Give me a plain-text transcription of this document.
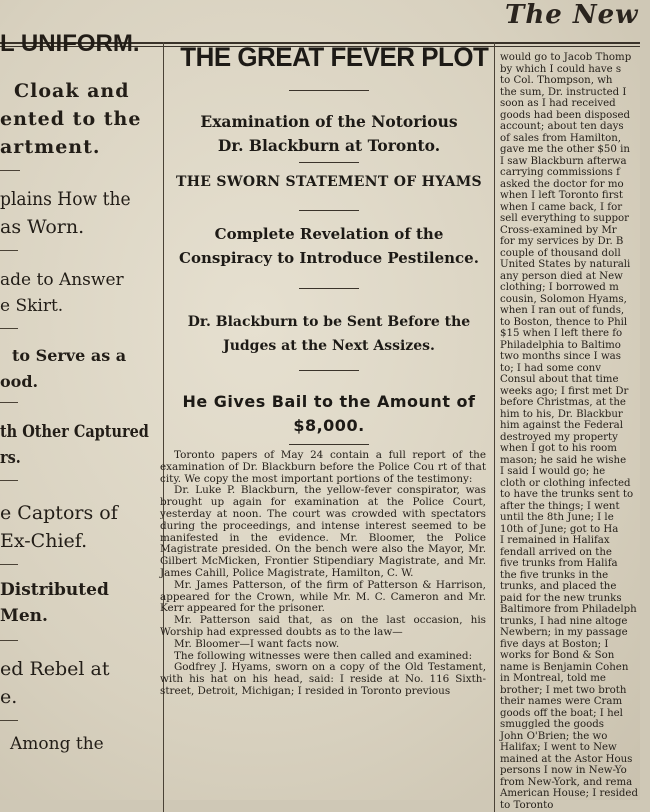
The New
L UNIFORM.
Cloak and
ented to the
artment.
plains How the
as Worn.
ade to Answer
e Skirt.
to Serve as a
ood.
th Other Captured
rs.
e Captors of
Ex-Chief.
Distributed
Men.
ed Rebel at
e.
Among the
THE GREAT FEVER PLOT
Examination of the Notorious Dr. Blackburn at Toronto.
THE SWORN STATEMENT OF HYAMS
Complete Revelation of the Conspiracy to Introduce Pestilence.
Dr. Blackburn to be Sent Before the Judges at the Next Assizes.
He Gives Bail to the Amount of $8,000.

Toronto papers of May 24 contain a full report of the examination of Dr. Blackburn before the Police Cou rt of that city. We copy the most important portions of the testimony:

Dr. Luke P. Blackburn, the yellow-fever conspirator, was brought up again for examination at the Police Court, yesterday at noon. The court was crowded with spectators during the proceedings, and intense interest seemed to be manifested in the evidence. Mr. Bloomer, the Police Magistrate presided. On the bench were also the Mayor, Mr. Gilbert McMicken, Frontier Stipendiary Magistrate, and Mr. James Cahill, Police Magistrate, Hamilton, C. W.

Mr. James Patterson, of the firm of Patterson & Harrison, appeared for the Crown, while Mr. M. C. Cameron and Mr. Kerr appeared for the prisoner.

Mr. Patterson said that, as on the last occasion, his Worship had expressed doubts as to the law—

Mr. Bloomer—I want facts now.

The following witnesses were then called and examined:

Godfrey J. Hyams, sworn on a copy of the Old Testament, with his hat on his head, said: I reside at No. 116 Sixth-street, Detroit, Michigan; I resided in Toronto previous

would go to Jacob Thomp
by which I could have s
to Col. Thompson, wh
the sum, Dr. instructed I
soon as I had received
goods had been disposed
account; about ten days
of sales from Hamilton,
gave me the other $50 in
I saw Blackburn afterwa
carrying commissions f
asked the doctor for mo
when I left Toronto first
when I came back, I for
sell everything to suppor
Cross-examined by Mr
for my services by Dr. B
couple of thousand doll
United States by naturali
any person died at New
clothing; I borrowed m
cousin, Solomon Hyams,
when I ran out of funds,
to Boston, thence to Phil
$15 when I left there fo
Philadelphia to Baltimo
two months since I was
to; I had some conv
Consul about that time
weeks ago; I first met Dr
before Christmas, at the
him to his, Dr. Blackbur
him against the Federal
destroyed my property
when I got to his room
mason; he said he wishe
I said I would go; he
cloth or clothing infected
to have the trunks sent to
after the things; I went
until the 8th June; I le
10th of June; got to Ha
I remained in Halifax
fendall arrived on the
five trunks from Halifa
the five trunks in the
trunks, and placed the
paid for the new trunks
Baltimore from Philadelph
trunks, I had nine altoge
Newbern; in my passage
five days at Boston; I
works for Bond & Son
name is Benjamin Cohen
in Montreal, told me
brother; I met two broth
their names were Cram
goods off the boat; I hel
smuggled the goods
John O'Brien; the wo
Halifax; I went to New
mained at the Astor Hous
persons I now in New-Yo
from New-York, and rema
American House; I resided
to Toronto
